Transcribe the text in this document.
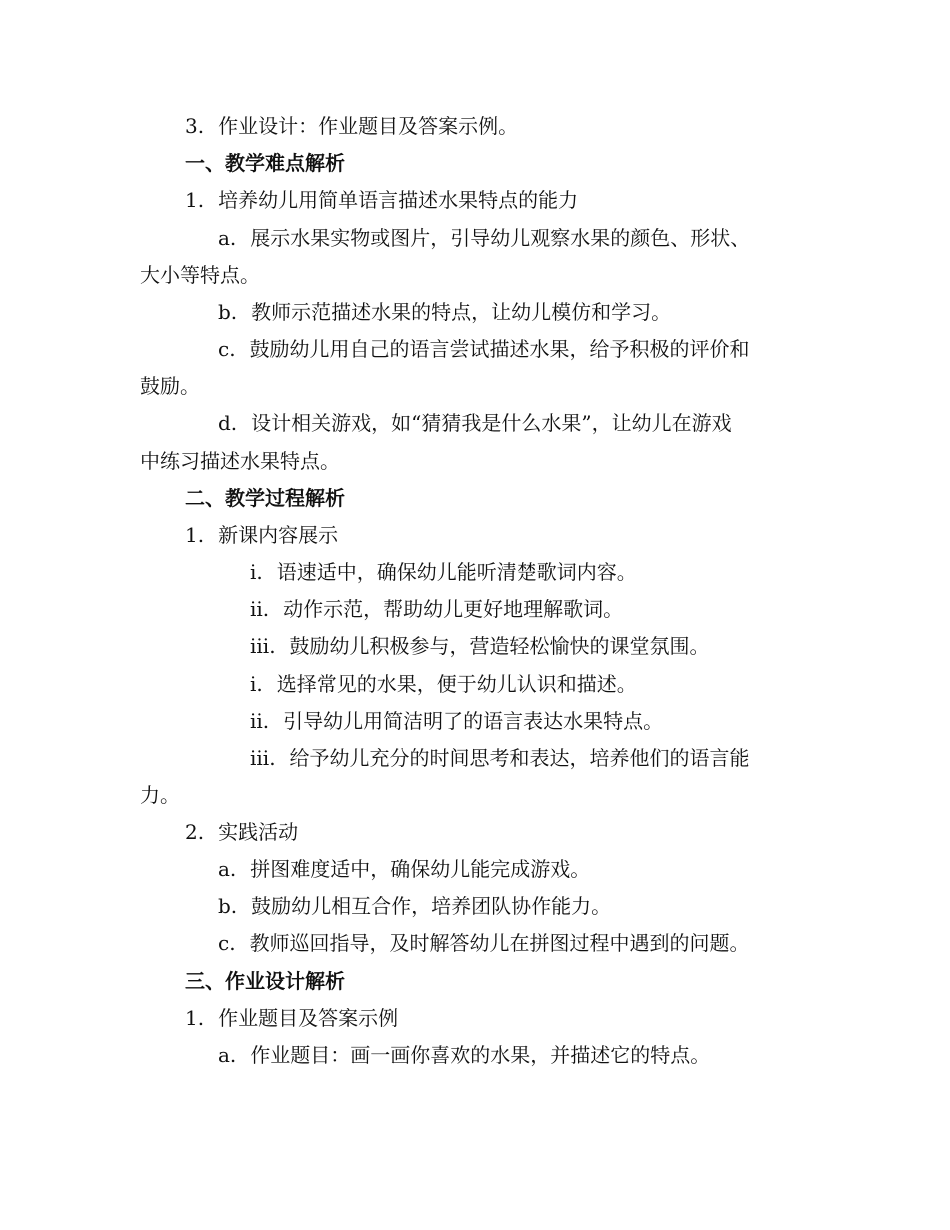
3. 作业设计：作业题目及答案示例。
一、教学难点解析
1. 培养幼儿用简单语言描述水果特点的能力
a. 展示水果实物或图片，引导幼儿观察水果的颜色、形状、
大小等特点。
b. 教师示范描述水果的特点，让幼儿模仿和学习。
c. 鼓励幼儿用自己的语言尝试描述水果，给予积极的评价和
鼓励。
d. 设计相关游戏，如“猜猜我是什么水果”，让幼儿在游戏
中练习描述水果特点。
二、教学过程解析
1. 新课内容展示
i. 语速适中，确保幼儿能听清楚歌词内容。
ii. 动作示范，帮助幼儿更好地理解歌词。
iii. 鼓励幼儿积极参与，营造轻松愉快的课堂氛围。
i. 选择常见的水果，便于幼儿认识和描述。
ii. 引导幼儿用简洁明了的语言表达水果特点。
iii. 给予幼儿充分的时间思考和表达，培养他们的语言能
力。
2. 实践活动
a. 拼图难度适中，确保幼儿能完成游戏。
b. 鼓励幼儿相互合作，培养团队协作能力。
c. 教师巡回指导，及时解答幼儿在拼图过程中遇到的问题。
三、作业设计解析
1. 作业题目及答案示例
a. 作业题目：画一画你喜欢的水果，并描述它的特点。
